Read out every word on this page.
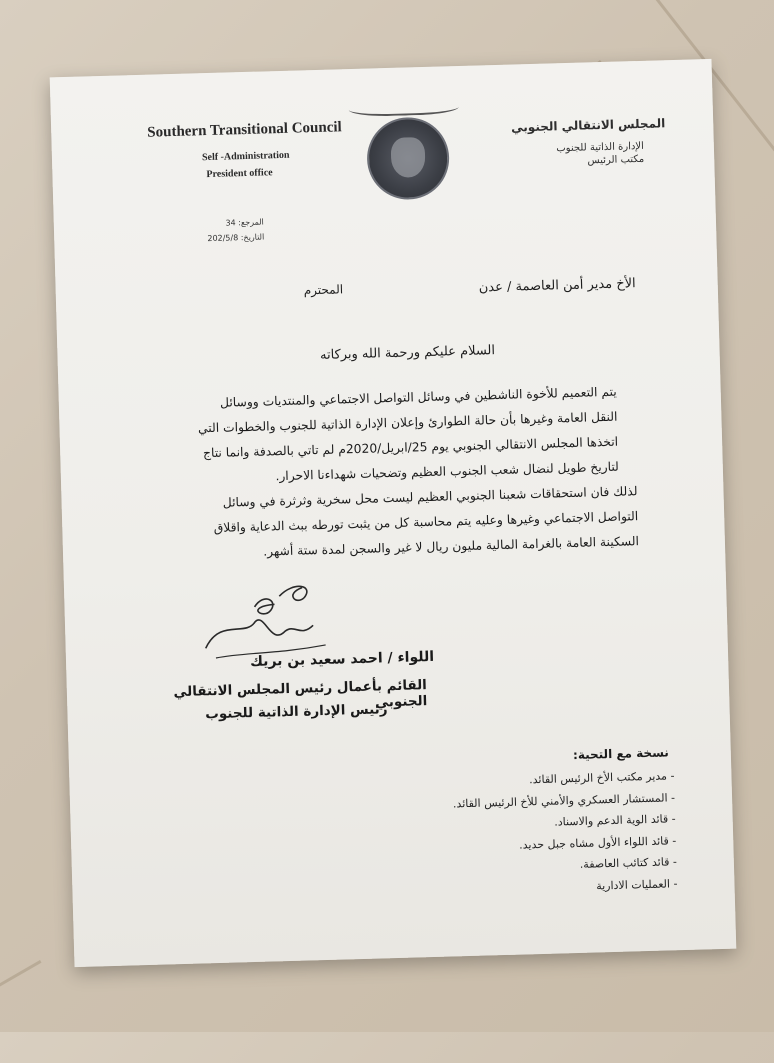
Southern Transitional Council
Self -Administration
President office
المجلس الانتقالي الجنوبي
الإدارة الذاتية للجنوب
مكتب الرئيس
المرجع: 34
التاريخ: 202/5/8
الأخ مدير أمن العاصمة / عدن
المحترم
السلام عليكم ورحمة الله وبركاته

يتم التعميم للأخوة الناشطين في وسائل التواصل الاجتماعي والمنتديات ووسائل النقل العامة وغيرها بأن حالة الطوارئ وإعلان الإدارة الذاتية للجنوب والخطوات التي اتخذها المجلس الانتقالي الجنوبي يوم 25/ابريل/2020م لم تاتي بالصدفة وانما نتاج لتاريخ طويل لنضال شعب الجنوب العظيم وتضحيات شهداءنا الاحرار.

لذلك فان استحقاقات شعبنا الجنوبي العظيم ليست محل سخرية وثرثرة في وسائل التواصل الاجتماعي وغيرها وعليه يتم محاسبة كل من يثبت تورطه ببث الدعاية واقلاق السكينة العامة بالغرامة المالية مليون ريال لا غير والسجن لمدة ستة أشهر.

اللواء / احمد سعيد بن بريك
القائم بأعمال رئيس المجلس الانتقالي الجنوبي
رئيس الإدارة الذاتية للجنوب
نسخة مع التحية:
- مدير مكتب الأخ الرئيس القائد.
- المستشار العسكري والأمني للأخ الرئيس القائد.
- قائد الوية الدعم والاسناد.
- قائد اللواء الأول مشاه جبل حديد.
- قائد كتائب العاصفة.
- العمليات الادارية
